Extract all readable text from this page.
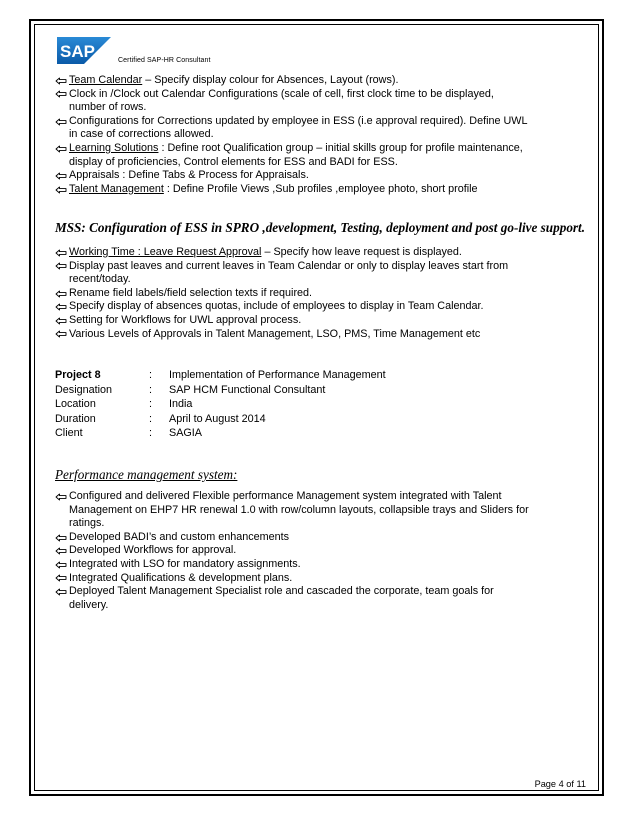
SAP	Certified SAP-HR Consultant
Team Calendar – Specify display colour for Absences, Layout (rows).
Clock in /Clock out Calendar Configurations (scale of cell, first clock time to be displayed,
number of rows.
Configurations for Corrections updated by employee in ESS (i.e approval required). Define UWL
in case of corrections allowed.
Learning Solutions : Define root Qualification group – initial skills group for profile maintenance,
display of proficiencies, Control elements for ESS and BADI for ESS.
Appraisals : Define Tabs & Process for Appraisals.
Talent Management : Define Profile Views ,Sub profiles ,employee photo, short profile
MSS: Configuration of ESS in SPRO ,development, Testing, deployment and post go-live support.
Working Time : Leave Request Approval – Specify how leave request is displayed.
Display past leaves and current leaves in Team Calendar or only to display leaves start from
recent/today.
Rename field labels/field selection texts if required.
Specify display of absences quotas, include of employees to display in Team Calendar.
Setting for Workflows for UWL approval process.
Various Levels of Approvals in Talent Management, LSO, PMS, Time Management etc
Project 8	:	Implementation of Performance Management
Designation	:	SAP HCM Functional Consultant
Location	:	India
Duration	:	April to August 2014
Client	:	SAGIA
Performance management system:
Configured and delivered Flexible performance Management system integrated with Talent
Management on EHP7 HR renewal 1.0 with row/column layouts, collapsible trays and Sliders for
ratings.
Developed BADI’s and custom enhancements
Developed Workflows for approval.
Integrated with LSO for mandatory assignments.
Integrated Qualifications & development plans.
Deployed Talent Management Specialist role and cascaded the corporate, team goals for
delivery.
Page 4 of 11
